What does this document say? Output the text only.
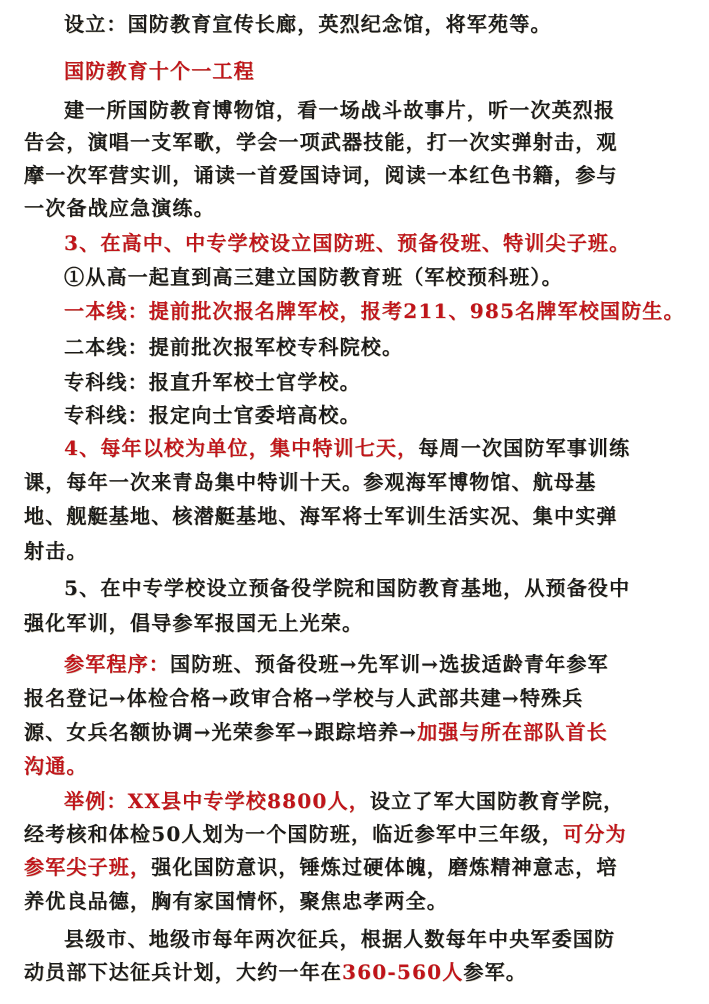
设立：国防教育宣传长廊，英烈纪念馆，将军苑等。
国防教育十个一工程
建一所国防教育博物馆，看一场战斗故事片，听一次英烈报
告会，演唱一支军歌，学会一项武器技能，打一次实弹射击，观
摩一次军营实训，诵读一首爱国诗词，阅读一本红色书籍，参与
一次备战应急演练。
3、在高中、中专学校设立国防班、预备役班、特训尖子班。
①从高一起直到高三建立国防教育班（军校预科班）。
一本线：提前批次报名牌军校，报考211、985名牌军校国防生。
二本线：提前批次报军校专科院校。
专科线：报直升军校士官学校。
专科线：报定向士官委培高校。
4、每年以校为单位，集中特训七天，每周一次国防军事训练
课，每年一次来青岛集中特训十天。参观海军博物馆、航母基
地、舰艇基地、核潜艇基地、海军将士军训生活实况、集中实弹
射击。
5、在中专学校设立预备役学院和国防教育基地，从预备役中
强化军训，倡导参军报国无上光荣。
参军程序：国防班、预备役班→先军训→选拔适龄青年参军
报名登记→体检合格→政审合格→学校与人武部共建→特殊兵
源、女兵名额协调→光荣参军→跟踪培养→加强与所在部队首长
沟通。
举例：XX县中专学校8800人，设立了军大国防教育学院，
经考核和体检50人划为一个国防班，临近参军中三年级，可分为
参军尖子班，强化国防意识，锤炼过硬体魄，磨炼精神意志，培
养优良品德，胸有家国情怀，聚焦忠孝两全。
县级市、地级市每年两次征兵，根据人数每年中央军委国防
动员部下达征兵计划，大约一年在360-560人参军。
